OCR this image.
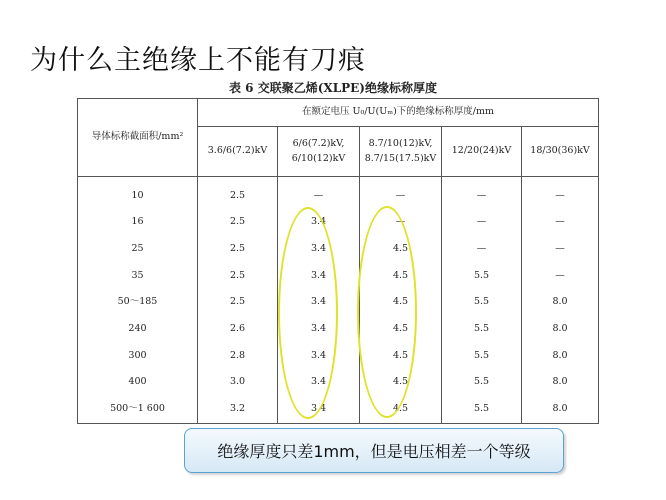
为什么主绝缘上不能有刀痕
表 6 交联聚乙烯(XLPE)绝缘标称厚度
导体标称截面积/mm²	在额定电压 U₀/U(Uₘ)下的绝缘标称厚度/mm				
	3.6/6(7.2)kV	6/6(7.2)kV,
6/10(12)kV	8.7/10(12)kV,
8.7/15(17.5)kV	12/20(24)kV	18/30(36)kV

10	2.5	—	—	—	—
16	2.5	3.4	—	—	—
25	2.5	3.4	4.5	—	—
35	2.5	3.4	4.5	5.5	—
50～185	2.5	3.4	4.5	5.5	8.0
240	2.6	3.4	4.5	5.5	8.0
300	2.8	3.4	4.5	5.5	8.0
400	3.0	3.4	4.5	5.5	8.0
500～1 600	3.2	3.4	4.5	5.5	8.0
绝缘厚度只差1mm，但是电压相差一个等级
